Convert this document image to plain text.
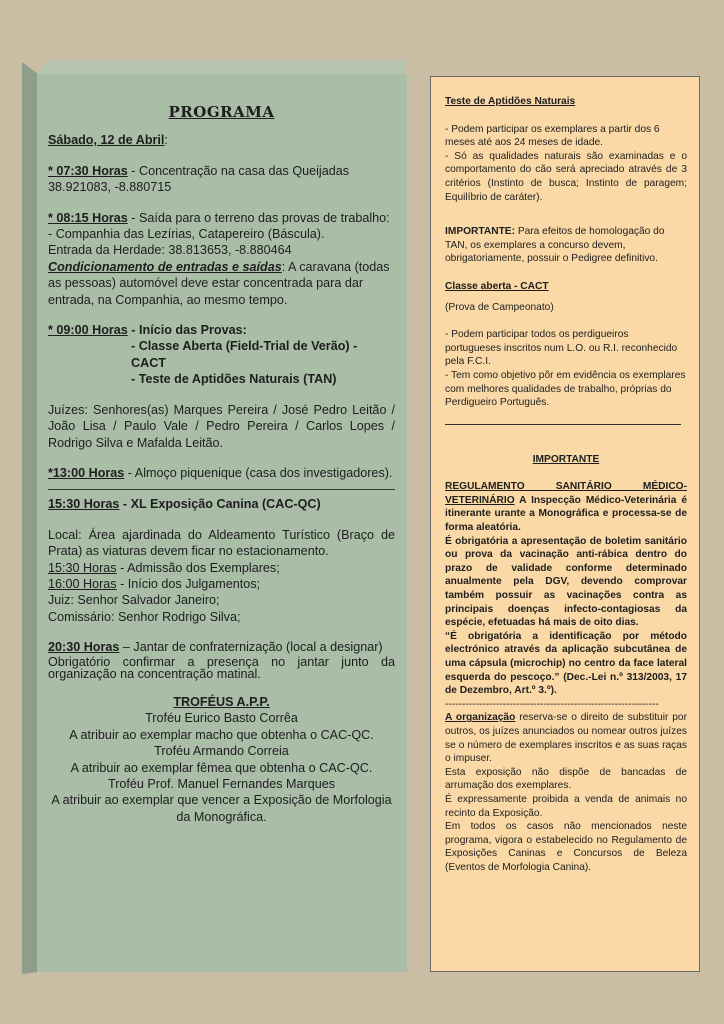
PROGRAMA

Sábado, 12 de Abril:

* 07:30 Horas - Concentração na casa das Queijadas

38.921083, -8.880715

* 08:15 Horas - Saída para o terreno das provas de trabalho:

- Companhia das Lezírias, Catapereiro (Báscula).

Entrada da Herdade: 38.813653, -8.880464

Condicionamento de entradas e saídas: A caravana (todas as pessoas) automóvel deve estar concentrada para dar entrada, na Companhia, ao mesmo tempo.

* 09:00 Horas - Início das Provas:

- Classe Aberta (Field-Trial de Verão) - CACT

- Teste de Aptidões Naturais (TAN)

Juízes: Senhores(as) Marques Pereira / José Pedro Leitão / João Lisa / Paulo Vale / Pedro Pereira / Carlos Lopes / Rodrigo Silva e Mafalda Leitão.

*13:00 Horas - Almoço piquenique (casa dos investigadores).

15:30 Horas - XL Exposição Canina (CAC-QC)

Local: Área ajardinada do Aldeamento Turístico (Braço de Prata) as viaturas devem ficar no estacionamento.

15:30 Horas - Admissão dos Exemplares;

16:00 Horas - Início dos Julgamentos;

Juiz: Senhor Salvador Janeiro;

Comissário: Senhor Rodrigo Silva;

20:30 Horas – Jantar de confraternização (local a designar)

Obrigatório confirmar a presença no jantar junto da organização na concentração matinal.

TROFÉUS A.P.P.

Troféu Eurico Basto Corrêa

A atribuir ao exemplar macho que obtenha o CAC-QC.

Troféu Armando Correia

A atribuir ao exemplar fêmea que obtenha o CAC-QC.

Troféu Prof. Manuel Fernandes Marques

A atribuir ao exemplar que vencer a Exposição de Morfologia da Monográfica.

Teste de Aptidões Naturais

- Podem participar os exemplares a partir dos 6 meses até aos 24 meses de idade.

- Só as qualidades naturais são examinadas e o comportamento do cão será apreciado através de 3 critérios (Instinto de busca; Instinto de paragem; Equilíbrio de caráter).

IMPORTANTE: Para efeitos de homologação do TAN, os exemplares a concurso devem, obrigatoriamente, possuir o Pedigree definitivo.

Classe aberta - CACT

(Prova de Campeonato)

- Podem participar todos os perdigueiros portugueses inscritos num L.O. ou R.I. reconhecido pela F.C.I.

- Tem como objetivo pôr em evidência os exemplares com melhores qualidades de trabalho, próprias do Perdigueiro Português.

IMPORTANTE

REGULAMENTO SANITÁRIO MÉDICO-VETERINÁRIO A Inspecção Médico-Veterinária é itinerante urante a Monográfica e processa-se de forma aleatória.

É obrigatória a apresentação de boletim sanitário ou prova da vacinação anti-rábica dentro do prazo de validade conforme determinado anualmente pela DGV, devendo comprovar também possuir as vacinações contra as principais doenças infecto-contagiosas da espécie, efetuadas há mais de oito dias.

“É obrigatória a identificação por método electrónico através da aplicação subcutânea de uma cápsula (microchip) no centro da face lateral esquerda do pescoço.” (Dec.-Lei n.º 313/2003, 17 de Dezembro, Art.º 3.º).

---------------------------------------------------------------

A organização reserva-se o direito de substituir por outros, os juízes anunciados ou nomear outros juízes se o número de exemplares inscritos e as suas raças o impuser.

Esta exposição não dispõe de bancadas de arrumação dos exemplares.

É expressamente proibida a venda de animais no recinto da Exposição.

Em todos os casos não mencionados neste programa, vigora o estabelecido no Regulamento de Exposições Caninas e Concursos de Beleza (Eventos de Morfologia Canina).
